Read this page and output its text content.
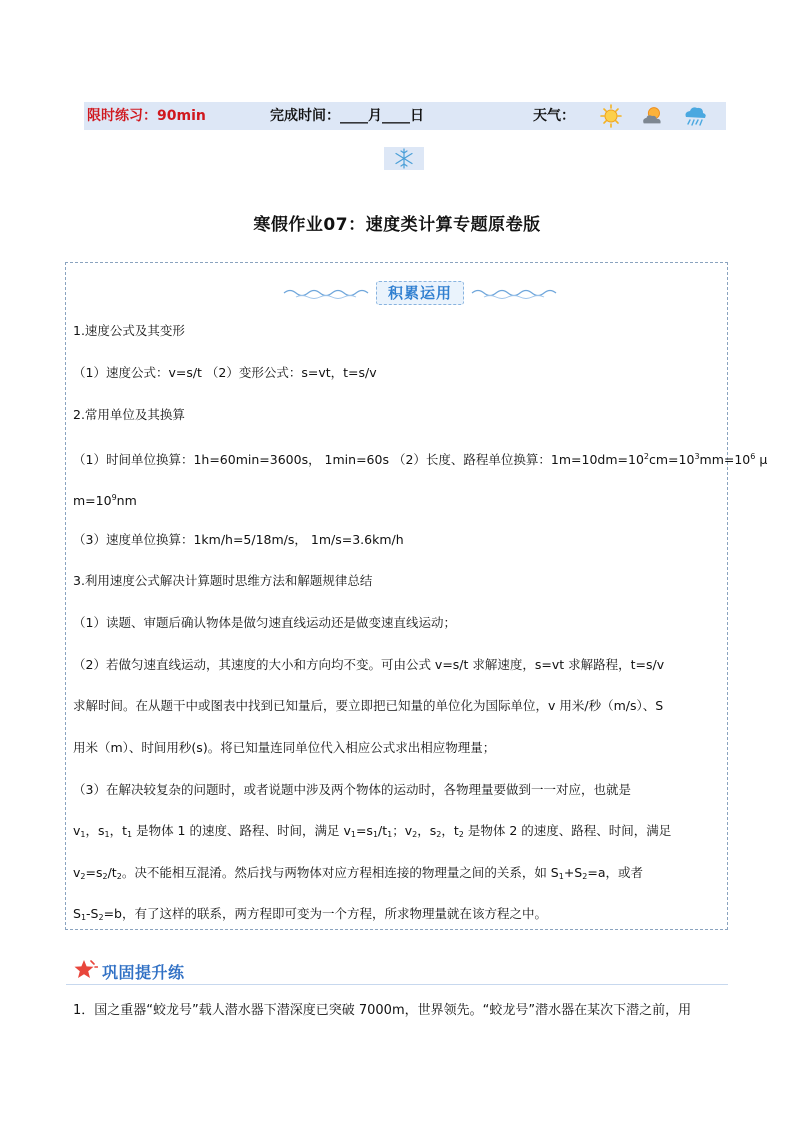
限时练习：90min	完成时间：____月____日	天气：
寒假作业07：速度类计算专题原卷版
积累运用
1.速度公式及其变形
（1）速度公式：v=s/t （2）变形公式：s=vt，t=s/v
2.常用单位及其换算
（1）时间单位换算：1h=60min=3600s， 1min=60s （2）长度、路程单位换算：$1m=10dm=10^2cm=10^3mm=10^6$ μ
$m=10^9nm$
（3）速度单位换算：1km/h=5/18m/s， 1m/s=3.6km/h
3.利用速度公式解决计算题时思维方法和解题规律总结
（1）读题、审题后确认物体是做匀速直线运动还是做变速直线运动；
（2）若做匀速直线运动，其速度的大小和方向均不变。可由公式 v=s/t 求解速度，s=vt 求解路程，t=s/v
求解时间。在从题干中或图表中找到已知量后，要立即把已知量的单位化为国际单位，v 用米/秒（m/s）、S
用米（m）、时间用秒(s)。将已知量连同单位代入相应公式求出相应物理量；
（3）在解决较复杂的问题时，或者说题中涉及两个物体的运动时，各物理量要做到一一对应，也就是
$v_1$，$s_1$，$t_1$ 是物体 1 的速度、路程、时间，满足 $v_1=s_1/t_1$；$v_2$，$s_2$，$t_2$ 是物体 2 的速度、路程、时间，满足
$v_2=s_2/t_2$。决不能相互混淆。然后找与两物体对应方程相连接的物理量之间的关系，如 $S_1+S_2=a$，或者
$S_1-S_2=b$，有了这样的联系，两方程即可变为一个方程，所求物理量就在该方程之中。
巩固提升练
1．国之重器“蛟龙号”载人潜水器下潜深度已突破 7000m，世界领先。“蛟龙号”潜水器在某次下潜之前，用
